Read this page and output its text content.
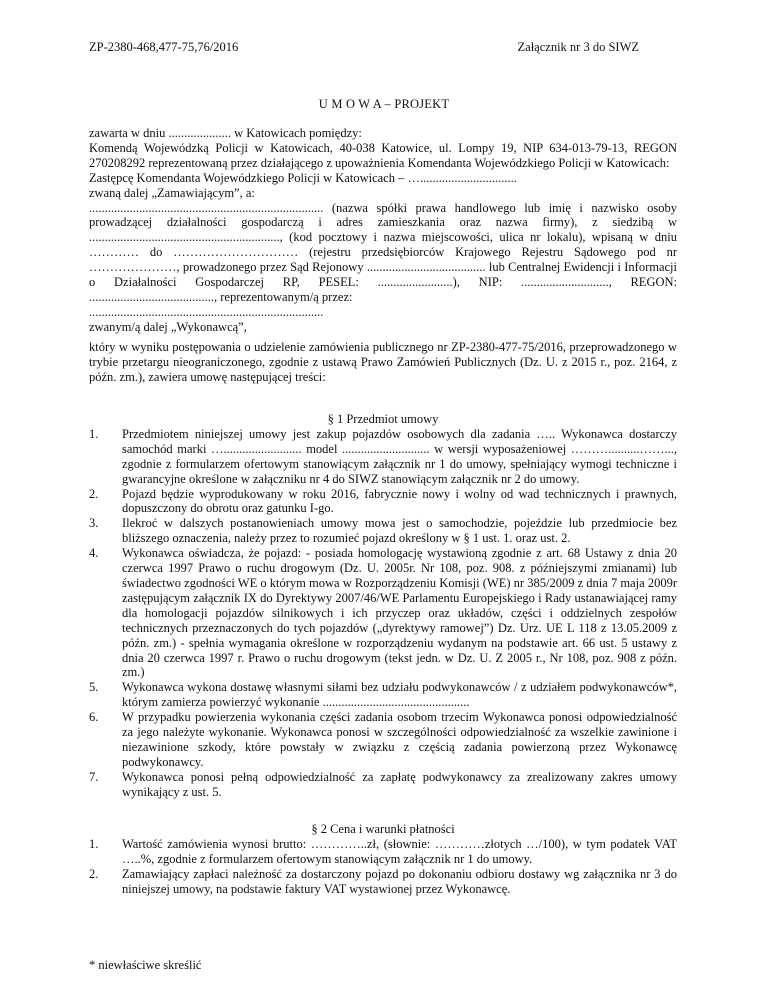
ZP-2380-468,477-75,76/2016	Załącznik nr 3 do SIWZ
U M O W A – PROJEKT

zawarta w dniu .................... w Katowicach pomiędzy:

Komendą Wojewódzką Policji w Katowicach, 40-038 Katowice, ul. Lompy 19, NIP 634-013-79-13, REGON 270208292 reprezentowaną przez działającego z upoważnienia Komendanta Wojewódzkiego Policji w Katowicach:

Zastępcę Komendanta Wojewódzkiego Policji w Katowicach – …...............................

zwaną dalej „Zamawiającym”, a:

........................................................................... (nazwa spółki prawa handlowego lub imię i nazwisko osoby prowadzącej działalności gospodarczą i adres zamieszkania oraz nazwa firmy), z siedzibą w ............................................................., (kod pocztowy i nazwa miejscowości, ulica nr lokalu), wpisaną w dniu ………… do ………………………… (rejestru przedsiębiorców Krajowego Rejestru Sądowego pod nr …………………, prowadzonego przez Sąd Rejonowy ...................................... lub Centralnej Ewidencji i Informacji o Działalności Gospodarczej RP, PESEL: ........................), NIP: ............................, REGON: ........................................, reprezentowanym/ą przez:

...........................................................................

zwanym/ą dalej „Wykonawcą”,

który w wyniku postępowania o udzielenie zamówienia publicznego nr ZP-2380-477-75/2016, przeprowadzonego w trybie przetargu nieograniczonego, zgodnie z ustawą Prawo Zamówień Publicznych (Dz. U. z 2015 r., poz. 2164, z późn. zm.), zawiera umowę następującej treści:

§ 1 Przedmiot umowy
1. Przedmiotem niniejszej umowy jest zakup pojazdów osobowych dla zadania ….. Wykonawca dostarczy samochód marki …......................... model ............................ w wersji wyposażeniowej ………..........……..., zgodnie z formularzem ofertowym stanowiącym załącznik nr 1 do umowy, spełniający wymogi techniczne i gwarancyjne określone w załączniku nr 4 do SIWZ stanowiącym załącznik nr 2 do umowy.
2. Pojazd będzie wyprodukowany w roku 2016, fabrycznie nowy i wolny od wad technicznych i prawnych, dopuszczony do obrotu oraz gatunku I-go.
3. Ilekroć w dalszych postanowieniach umowy mowa jest o samochodzie, pojeździe lub przedmiocie bez bliższego oznaczenia, należy przez to rozumieć pojazd określony w § 1 ust. 1. oraz ust. 2.
4. Wykonawca oświadcza, że pojazd: - posiada homologację wystawioną zgodnie z art. 68 Ustawy z dnia 20 czerwca 1997 Prawo o ruchu drogowym (Dz. U. 2005r. Nr 108, poz. 908. z późniejszymi zmianami) lub świadectwo zgodności WE o którym mowa w Rozporządzeniu Komisji (WE) nr 385/2009 z dnia 7 maja 2009r zastępującym załącznik IX do Dyrektywy 2007/46/WE Parlamentu Europejskiego i Rady ustanawiającej ramy dla homologacji pojazdów silnikowych i ich przyczep oraz układów, części i oddzielnych zespołów technicznych przeznaczonych do tych pojazdów („dyrektywy ramowej”) Dz. Urz. UE L 118 z 13.05.2009 z późn. zm.) - spełnia wymagania określone w rozporządzeniu wydanym na podstawie art. 66 ust. 5 ustawy z dnia 20 czerwca 1997 r. Prawo o ruchu drogowym (tekst jedn. w Dz. U. Z 2005 r., Nr 108, poz. 908 z późn. zm.)
5. Wykonawca wykona dostawę własnymi siłami bez udziału podwykonawców / z udziałem podwykonawców*, którym zamierza powierzyć wykonanie ...............................................
6. W przypadku powierzenia wykonania części zadania osobom trzecim Wykonawca ponosi odpowiedzialność za jego należyte wykonanie. Wykonawca ponosi w szczególności odpowiedzialność za wszelkie zawinione i niezawinione szkody, które powstały w związku z częścią zadania powierzoną przez Wykonawcę podwykonawcy.
7. Wykonawca ponosi pełną odpowiedzialność za zapłatę podwykonawcy za zrealizowany zakres umowy wynikający z ust. 5.
§ 2 Cena i warunki płatności
1. Wartość zamówienia wynosi brutto: …………..zł, (słownie: …………złotych …/100), w tym podatek VAT …..%, zgodnie z formularzem ofertowym stanowiącym załącznik nr 1 do umowy.
2. Zamawiający zapłaci należność za dostarczony pojazd po dokonaniu odbioru dostawy wg załącznika nr 3 do niniejszej umowy, na podstawie faktury VAT wystawionej przez Wykonawcę.
* niewłaściwe skreślić
